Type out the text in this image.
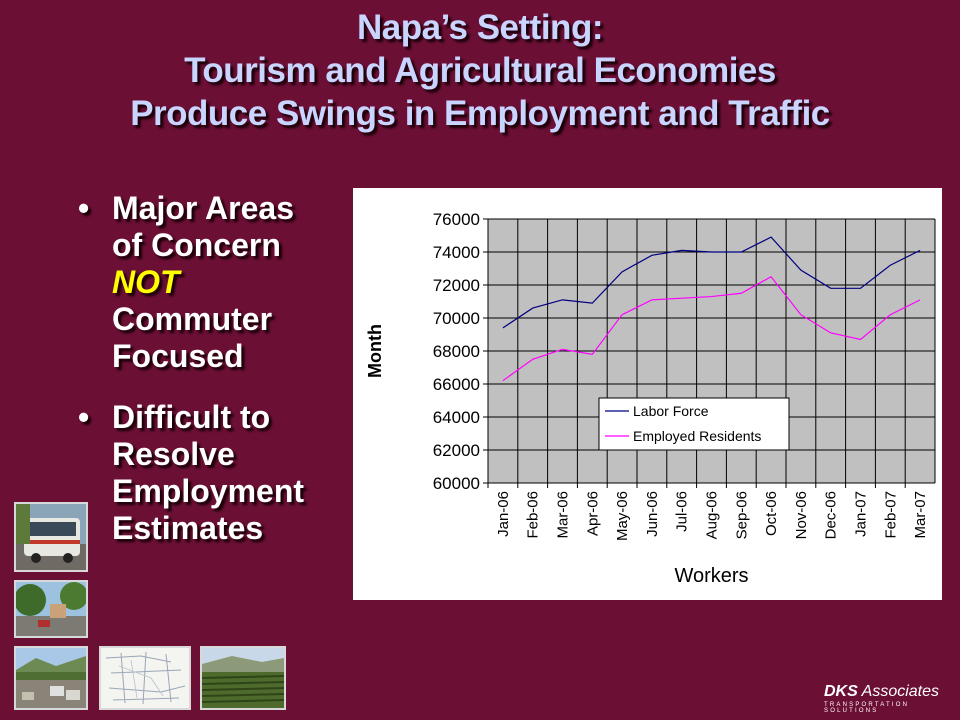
Napa’s Setting:
Tourism and Agricultural Economies
Produce Swings in Employment and Traffic
• Major Areas
of Concern
NOT
Commuter
Focused
• Difficult to
Resolve
Employment
Estimates
60000
62000
64000
66000
68000
70000
72000
74000
76000
Jan-06 Feb-06 Mar-06 Apr-06 May-06 Jun-06 Jul-06 Aug-06 Sep-06 Oct-06 Nov-06 Dec-06 Jan-07 Feb-07 Mar-07
Workers
Month
Labor Force
Employed Residents
DKS Associates
TRANSPORTATION SOLUTIONS
